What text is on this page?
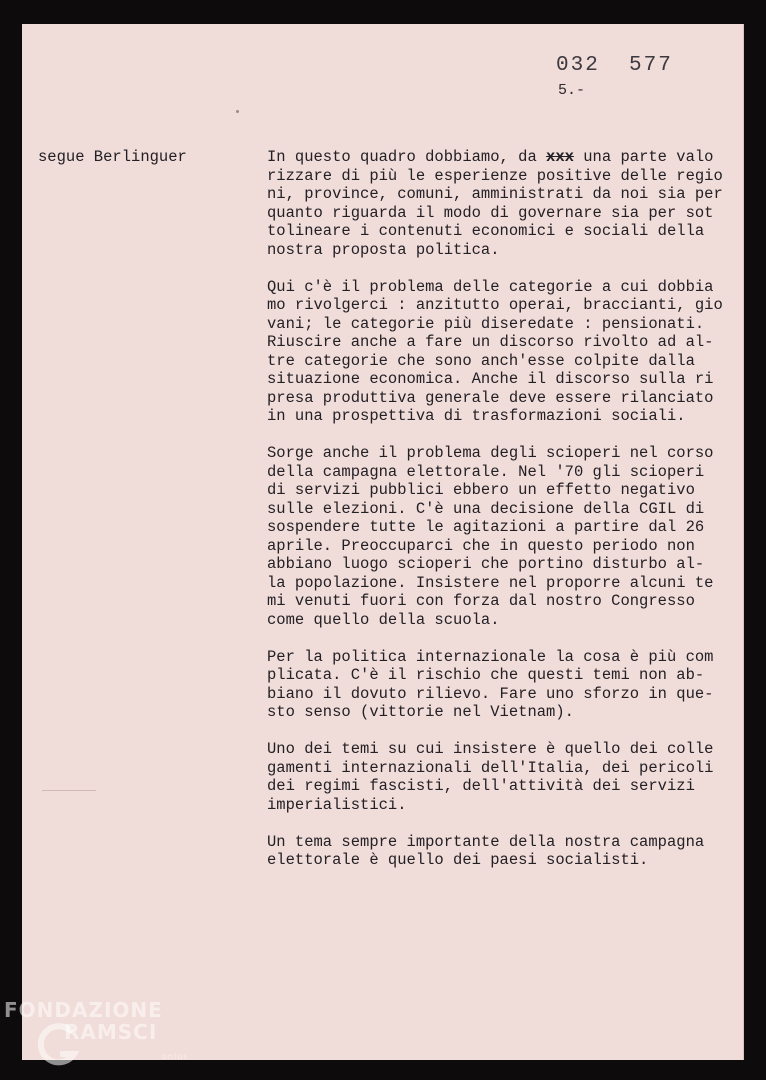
032  577
5.-
segue Berlinguer	In questo quadro dobbiamo, da xxx una parte valo
rizzare di più le esperienze positive delle regio
ni, province, comuni, amministrati da noi sia per
quanto riguarda il modo di governare sia per sot
tolineare i contenuti economici e sociali della
nostra proposta politica.

Qui c'è il problema delle categorie a cui dobbia
mo rivolgerci : anzitutto operai, braccianti, gio
vani; le categorie più diseredate : pensionati.
Riuscire anche a fare un discorso rivolto ad al-
tre categorie che sono anch'esse colpite dalla
situazione economica. Anche il discorso sulla ri
presa produttiva generale deve essere rilanciato
in una prospettiva di trasformazioni sociali.

Sorge anche il problema degli scioperi nel corso
della campagna elettorale. Nel '70 gli scioperi
di servizi pubblici ebbero un effetto negativo
sulle elezioni. C'è una decisione della CGIL di
sospendere tutte le agitazioni a partire dal 26
aprile. Preoccuparci che in questo periodo non
abbiano luogo scioperi che portino disturbo al-
la popolazione. Insistere nel proporre alcuni te
mi venuti fuori con forza dal nostro Congresso
come quello della scuola.

Per la politica internazionale la cosa è più com
plicata. C'è il rischio che questi temi non ab-
biano il dovuto rilievo. Fare uno sforzo in que-
sto senso (vittorie nel Vietnam).

Uno dei temi su cui insistere è quello dei colle
gamenti internazionali dell'Italia, dei pericoli
dei regimi fascisti, dell'attività dei servizi
imperialistici.

Un tema sempre importante della nostra campagna
elettorale è quello dei paesi socialisti.

FONDAZIONE
RAMSCI
onlus
